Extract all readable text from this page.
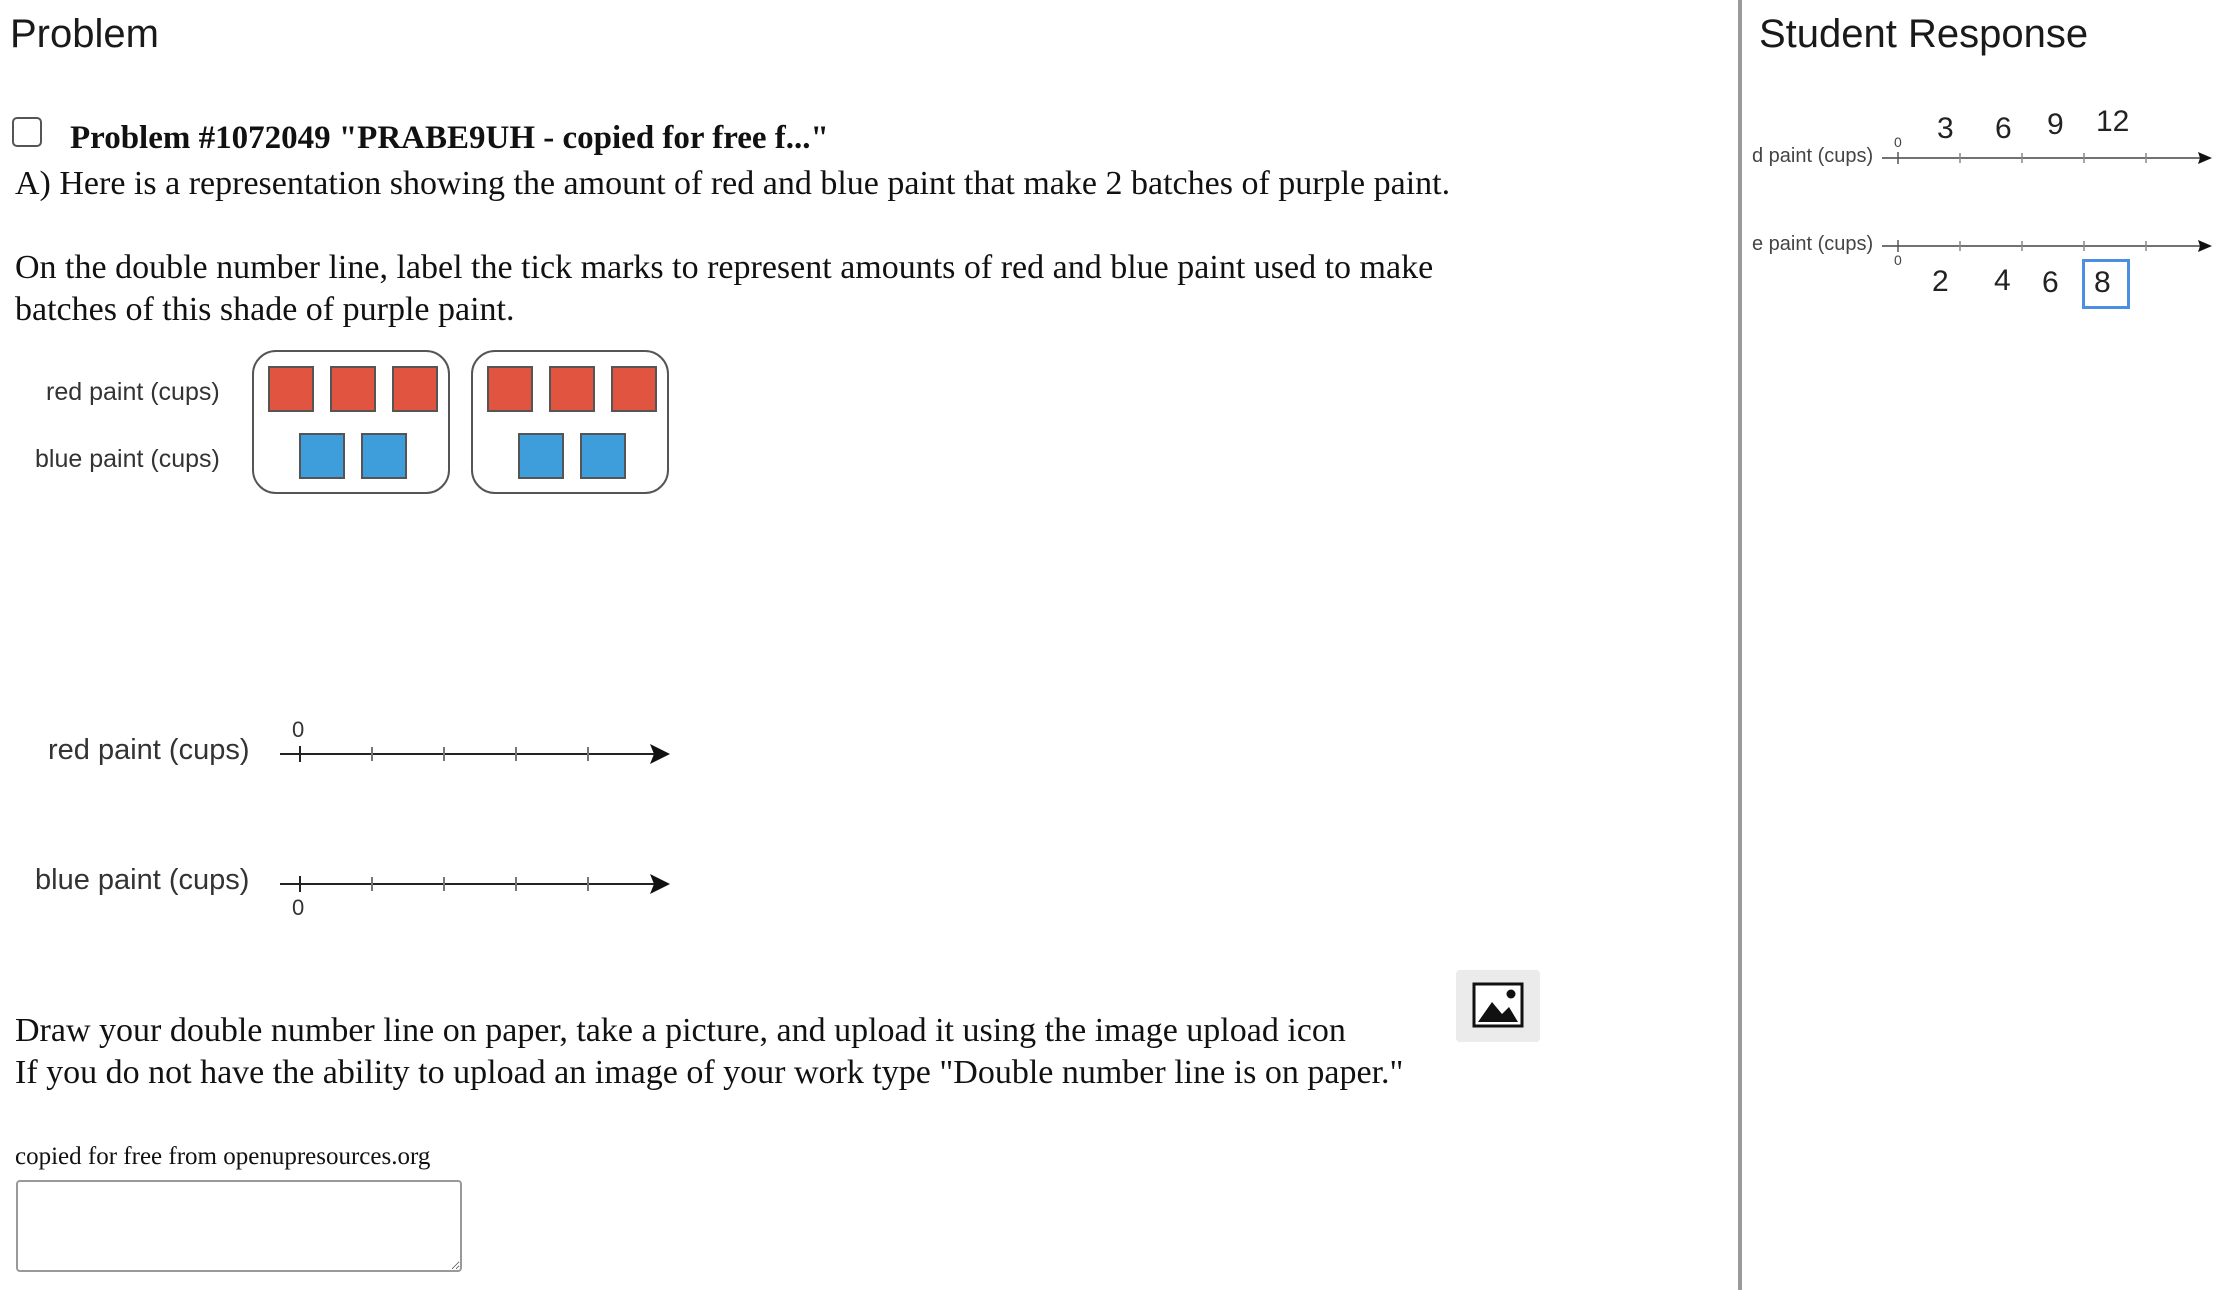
Problem
Problem #1072049 "PRABE9UH - copied for free f..."
A) Here is a representation showing the amount of red and blue paint that make 2 batches of purple paint.
On the double number line, label the tick marks to represent amounts of red and blue paint used to make
batches of this shade of purple paint.
red paint (cups)
blue paint (cups)
red paint (cups)
blue paint (cups)
0
0
Draw your double number line on paper, take a picture, and upload it using the image upload icon
If you do not have the ability to upload an image of your work type "Double number line is on paper."
copied for free from openupresources.org
Student Response
d paint (cups)
e paint (cups)
0
0
3 6 9 12
2 4 6 8
